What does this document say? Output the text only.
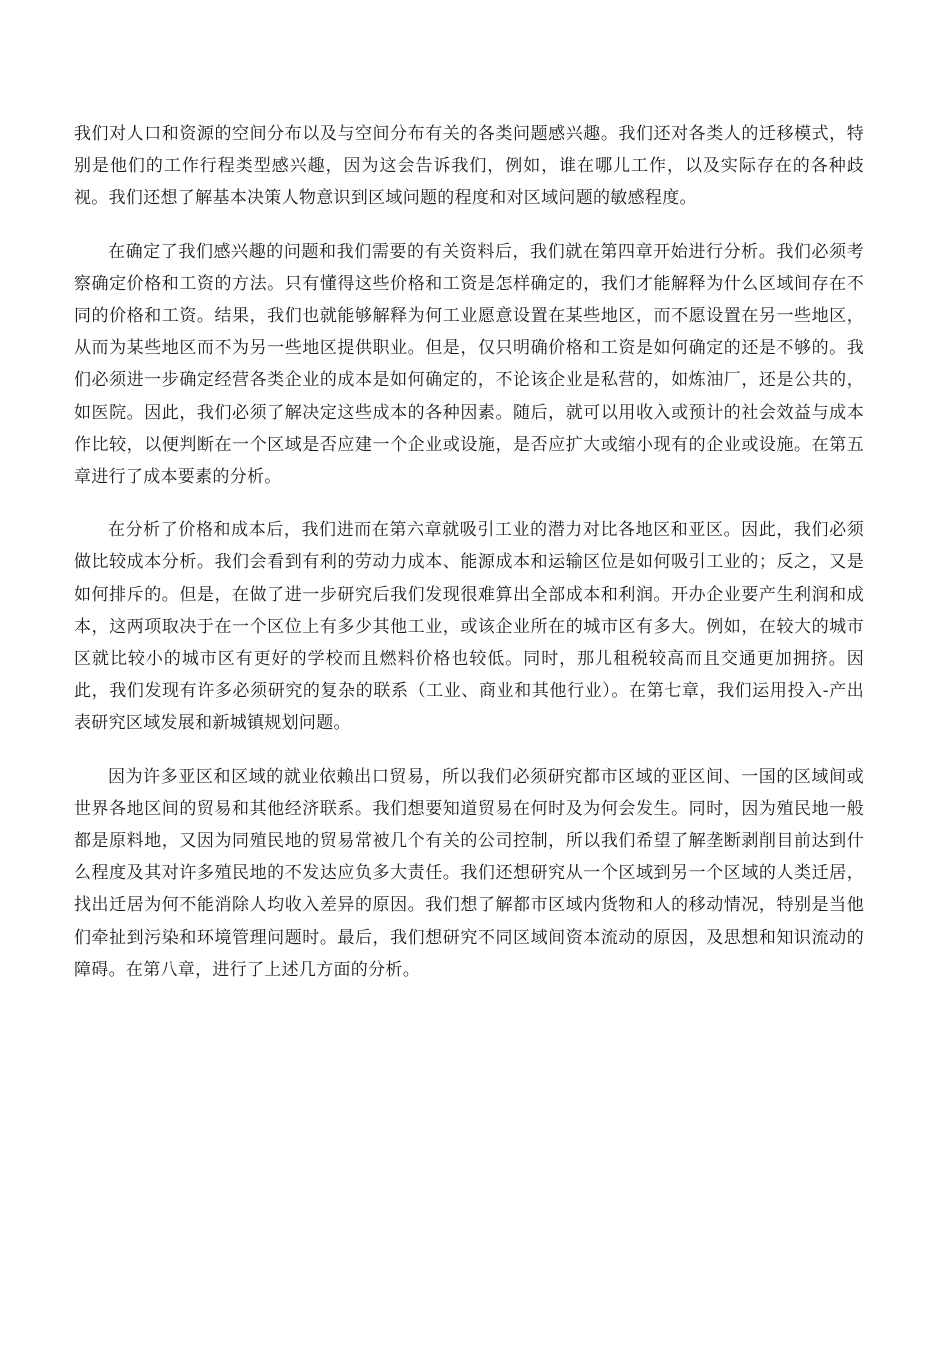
我们对人口和资源的空间分布以及与空间分布有关的各类问题感兴趣。我们还对各类人的迁移模式，特别是他们的工作行程类型感兴趣，因为这会告诉我们，例如，谁在哪儿工作，以及实际存在的各种歧视。我们还想了解基本决策人物意识到区域问题的程度和对区域问题的敏感程度。

在确定了我们感兴趣的问题和我们需要的有关资料后，我们就在第四章开始进行分析。我们必须考察确定价格和工资的方法。只有懂得这些价格和工资是怎样确定的，我们才能解释为什么区域间存在不同的价格和工资。结果，我们也就能够解释为何工业愿意设置在某些地区，而不愿设置在另一些地区，从而为某些地区而不为另一些地区提供职业。但是，仅只明确价格和工资是如何确定的还是不够的。我们必须进一步确定经营各类企业的成本是如何确定的，不论该企业是私营的，如炼油厂，还是公共的，如医院。因此，我们必须了解决定这些成本的各种因素。随后，就可以用收入或预计的社会效益与成本作比较，以便判断在一个区域是否应建一个企业或设施，是否应扩大或缩小现有的企业或设施。在第五章进行了成本要素的分析。

在分析了价格和成本后，我们进而在第六章就吸引工业的潜力对比各地区和亚区。因此，我们必须做比较成本分析。我们会看到有利的劳动力成本、能源成本和运输区位是如何吸引工业的；反之，又是如何排斥的。但是，在做了进一步研究后我们发现很难算出全部成本和利润。开办企业要产生利润和成本，这两项取决于在一个区位上有多少其他工业，或该企业所在的城市区有多大。例如，在较大的城市区就比较小的城市区有更好的学校而且燃料价格也较低。同时，那儿租税较高而且交通更加拥挤。因此，我们发现有许多必须研究的复杂的联系（工业、商业和其他行业）。在第七章，我们运用投入-产出表研究区域发展和新城镇规划问题。

因为许多亚区和区域的就业依赖出口贸易，所以我们必须研究都市区域的亚区间、一国的区域间或世界各地区间的贸易和其他经济联系。我们想要知道贸易在何时及为何会发生。同时，因为殖民地一般都是原料地，又因为同殖民地的贸易常被几个有关的公司控制，所以我们希望了解垄断剥削目前达到什么程度及其对许多殖民地的不发达应负多大责任。我们还想研究从一个区域到另一个区域的人类迁居，找出迁居为何不能消除人均收入差异的原因。我们想了解都市区域内货物和人的移动情况，特别是当他们牵扯到污染和环境管理问题时。最后，我们想研究不同区域间资本流动的原因，及思想和知识流动的障碍。在第八章，进行了上述几方面的分析。
